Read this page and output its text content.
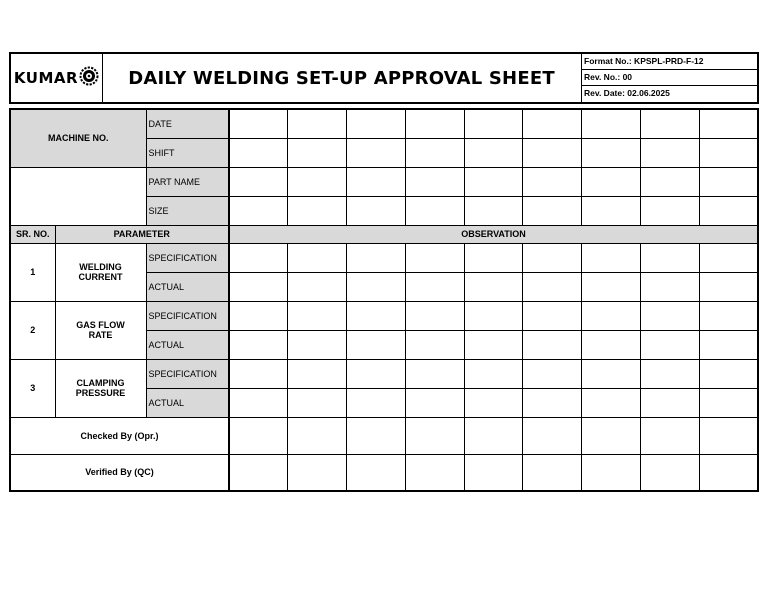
KUMAR	DAILY WELDING SET-UP APPROVAL SHEET
Format No.: KPSPL-PRD-F-12
Rev. No.: 00
Rev. Date: 02.06.2025
MACHINE NO.		DATE									
		SHIFT									
		PART NAME									
		SIZE									
SR. NO.	PARAMETER		OBSERVATION								
1	WELDING CURRENT	SPECIFICATION									
		ACTUAL									
2	GAS FLOW RATE	SPECIFICATION									
		ACTUAL									
3	CLAMPING PRESSURE	SPECIFICATION									
		ACTUAL									
Checked By (Opr.)											
Verified By (QC)											
